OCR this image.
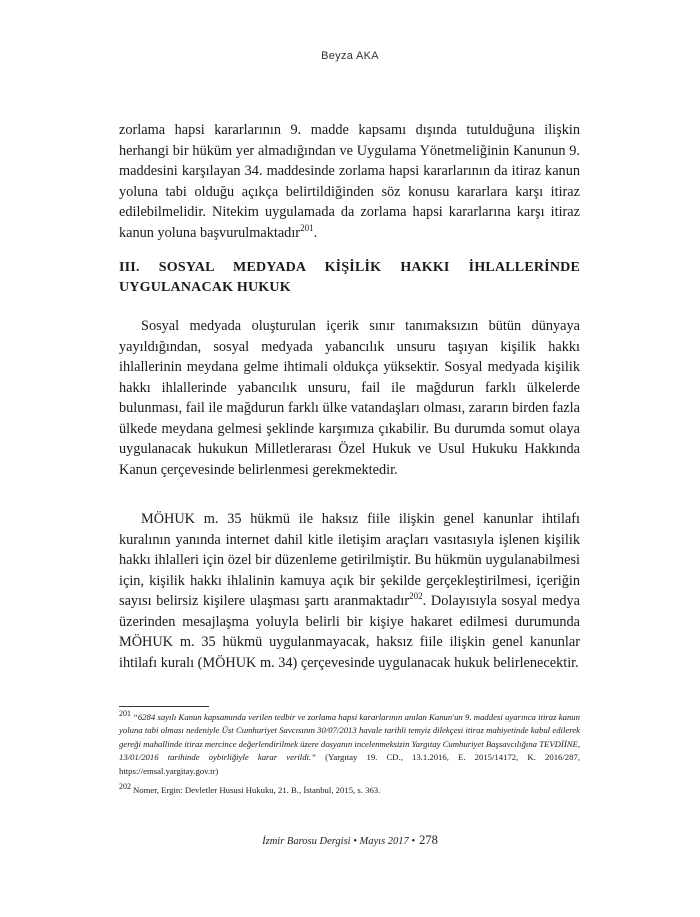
Beyza AKA

zorlama hapsi kararlarının 9. madde kapsamı dışında tutulduğuna ilişkin herhangi bir hüküm yer almadığından ve Uygulama Yönetmeliğinin Kanunun 9. maddesini karşılayan 34. maddesinde zorlama hapsi kararlarının da itiraz kanun yoluna tabi olduğu açıkça belirtildiğinden söz konusu kararlara karşı itiraz edilebilmelidir. Nitekim uygulamada da zorlama hapsi kararlarına karşı itiraz kanun yoluna başvurulmaktadır$^{201}$.

III. SOSYAL MEDYADA KİŞİLİK HAKKI İHLALLERİNDE UYGULANACAK HUKUK

Sosyal medyada oluşturulan içerik sınır tanımaksızın bütün dünyaya yayıldığından, sosyal medyada yabancılık unsuru taşıyan kişilik hakkı ihlallerinin meydana gelme ihtimali oldukça yüksektir. Sosyal medyada kişilik hakkı ihlallerinde yabancılık unsuru, fail ile mağdurun farklı ülkelerde bulunması, fail ile mağdurun farklı ülke vatandaşları olması, zararın birden fazla ülkede meydana gelmesi şeklinde karşımıza çıkabilir. Bu durumda somut olaya uygulanacak hukukun Milletlerarası Özel Hukuk ve Usul Hukuku Hakkında Kanun çerçevesinde belirlenmesi gerekmektedir.

MÖHUK m. 35 hükmü ile haksız fiile ilişkin genel kanunlar ihtilafı kuralının yanında internet dahil kitle iletişim araçları vasıtasıyla işlenen kişilik hakkı ihlalleri için özel bir düzenleme getirilmiştir. Bu hükmün uygulanabilmesi için, kişilik hakkı ihlalinin kamuya açık bir şekilde gerçekleştirilmesi, içeriğin sayısı belirsiz kişilere ulaşması şartı aranmaktadır$^{202}$. Dolayısıyla sosyal medya üzerinden mesajlaşma yoluyla belirli bir kişiye hakaret edilmesi durumunda MÖHUK m. 35 hükmü uygulanmayacak, haksız fiile ilişkin genel kanunlar ihtilafı kuralı (MÖHUK m. 34) çerçevesinde uygulanacak hukuk belirlenecektir.

201 “6284 sayılı Kanun kapsamında verilen tedbir ve zorlama hapsi kararlarının anılan Kanun'un 9. maddesi uyarınca itiraz kanun yoluna tabi olması nedeniyle Üst Cumhuriyet Savcısının 30/07/2013 havale tarihli temyiz dilekçesi itiraz mahiyetinde kabul edilerek gereği mahallinde itiraz mercince değerlendirilmek üzere dosyanın incelenmeksizin Yargıtay Cumhuriyet Başsavcılığına TEVDİİNE, 13/01/2016 tarihinde oybirliğiyle karar verildi.” (Yargıtay 19. CD., 13.1.2016, E. 2015/14172, K. 2016/287, https://emsal.yargitay.gov.tr)

202 Nomer, Ergin: Devletler Hususi Hukuku, 21. B., İstanbul, 2015, s. 363.

İzmir Barosu Dergisi • Mayıs 2017 • 278
